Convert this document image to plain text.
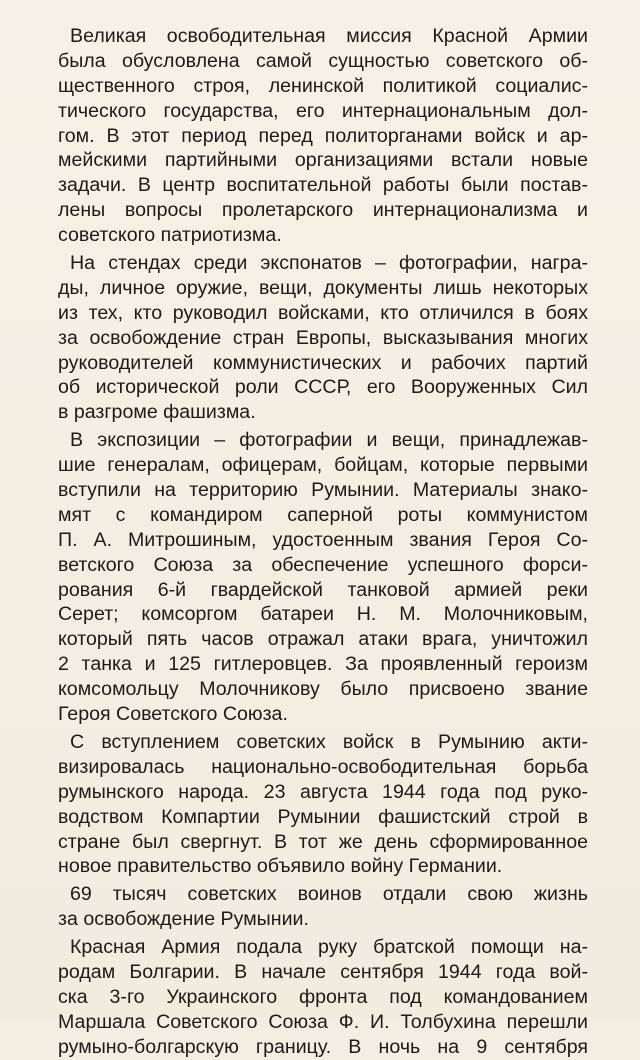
Великая освободительная миссия Красной Армии
была обусловлена самой сущностью советского об-
щественного строя, ленинской политикой социалис-
тического государства, его интернациональным дол-
гом. В этот период перед политорганами войск и ар-
мейскими партийными организациями встали новые
задачи. В центр воспитательной работы были постав-
лены вопросы пролетарского интернационализма и
советского патриотизма.
На стендах среди экспонатов – фотографии, награ-
ды, личное оружие, вещи, документы лишь некоторых
из тех, кто руководил войсками, кто отличился в боях
за освобождение стран Европы, высказывания многих
руководителей коммунистических и рабочих партий
об исторической роли СССР, его Вооруженных Сил
в разгроме фашизма.
В экспозиции – фотографии и вещи, принадлежав-
шие генералам, офицерам, бойцам, которые первыми
вступили на территорию Румынии. Материалы знако-
мят с командиром саперной роты коммунистом
П. А. Митрошиным, удостоенным звания Героя Со-
ветского Союза за обеспечение успешного форси-
рования 6-й гвардейской танковой армией реки
Серет; комсоргом батареи Н. М. Молочниковым,
который пять часов отражал атаки врага, уничтожил
2 танка и 125 гитлеровцев. За проявленный героизм
комсомольцу Молочникову было присвоено звание
Героя Советского Союза.
С вступлением советских войск в Румынию акти-
визировалась национально-освободительная борьба
румынского народа. 23 августа 1944 года под руко-
водством Компартии Румынии фашистский строй в
стране был свергнут. В тот же день сформированное
новое правительство объявило войну Германии.
69 тысяч советских воинов отдали свою жизнь
за освобождение Румынии.
Красная Армия подала руку братской помощи на-
родам Болгарии. В начале сентября 1944 года вой-
ска 3-го Украинского фронта под командованием
Маршала Советского Союза Ф. И. Толбухина перешли
румыно-болгарскую границу. В ночь на 9 сентября
